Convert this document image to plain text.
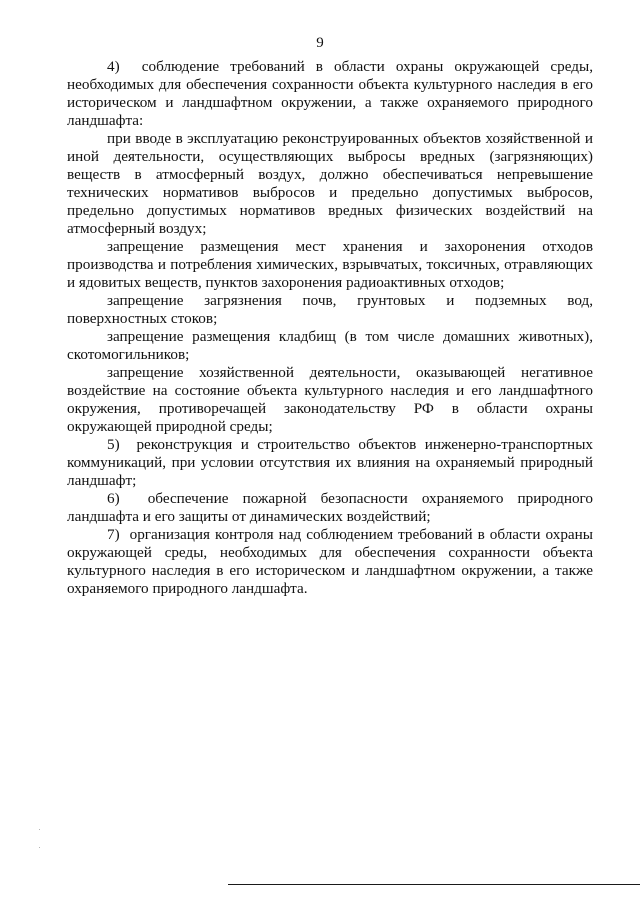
9

4)  соблюдение требований в области охраны окружающей среды, необходимых для обеспечения сохранности объекта культурного наследия в его историческом и ландшафтном окружении, а также охраняемого природного ландшафта:

при вводе в эксплуатацию реконструированных объектов хозяйственной и иной деятельности, осуществляющих выбросы вредных (загрязняющих) веществ в атмосферный воздух, должно обеспечиваться непревышение технических нормативов выбросов и предельно допустимых выбросов, предельно допустимых нормативов вредных физических воздействий на атмосферный воздух;

запрещение размещения мест хранения и захоронения отходов производства и потребления химических, взрывчатых, токсичных, отравляющих и ядовитых веществ, пунктов захоронения радиоактивных отходов;

запрещение загрязнения почв, грунтовых и подземных вод, поверхностных стоков;

запрещение размещения кладбищ (в том числе домашних животных), скотомогильников;

запрещение хозяйственной деятельности, оказывающей негативное воздействие на состояние объекта культурного наследия и его ландшафтного окружения, противоречащей законодательству РФ в области охраны окружающей природной среды;

5)  реконструкция и строительство объектов инженерно-транспортных коммуникаций, при условии отсутствия их влияния на охраняемый природный ландшафт;

6)  обеспечение пожарной безопасности охраняемого природного ландшафта и его защиты от динамических воздействий;

7)  организация контроля над соблюдением требований в области охраны окружающей среды, необходимых для обеспечения сохранности объекта культурного наследия в его историческом и ландшафтном окружении, а также охраняемого природного ландшафта.
